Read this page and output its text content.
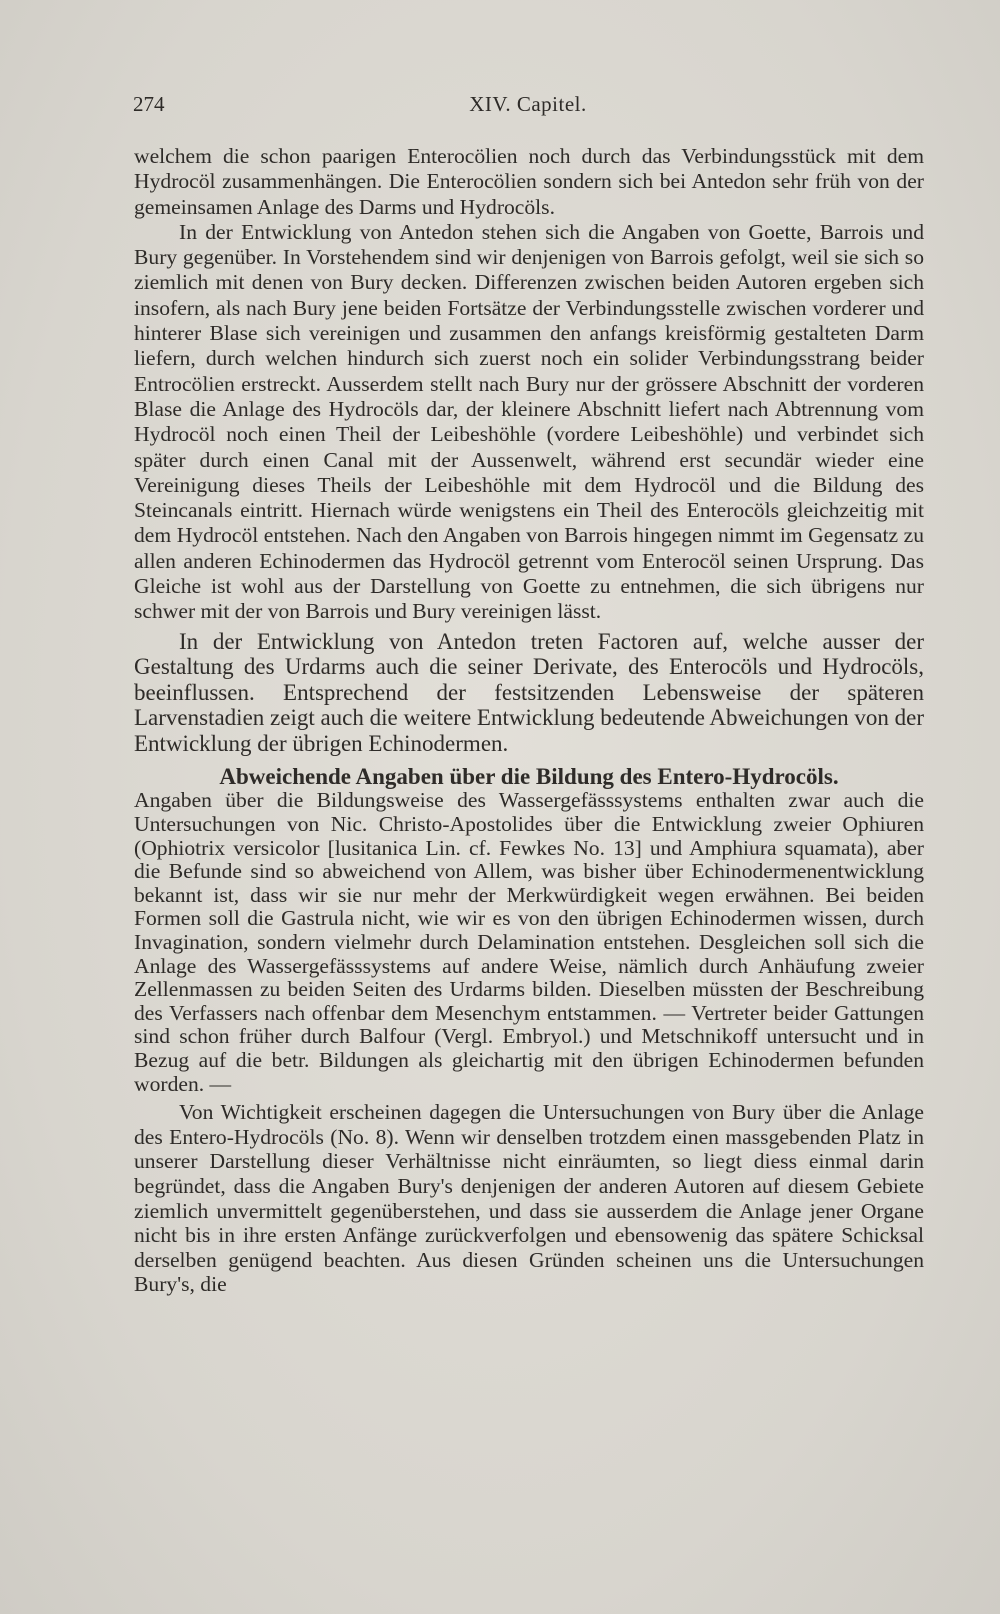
274	XIV. Capitel.

welchem die schon paarigen Enterocölien noch durch das Verbindungsstück mit dem Hydrocöl zusammenhängen. Die Enterocölien sondern sich bei Antedon sehr früh von der gemeinsamen Anlage des Darms und Hydrocöls.

In der Entwicklung von Antedon stehen sich die Angaben von Goette, Barrois und Bury gegenüber. In Vorstehendem sind wir denjenigen von Barrois gefolgt, weil sie sich so ziemlich mit denen von Bury decken. Differenzen zwischen beiden Autoren ergeben sich insofern, als nach Bury jene beiden Fortsätze der Verbindungsstelle zwischen vorderer und hinterer Blase sich vereinigen und zusammen den anfangs kreisförmig gestalteten Darm liefern, durch welchen hindurch sich zuerst noch ein solider Verbindungsstrang beider Entrocölien erstreckt. Ausserdem stellt nach Bury nur der grössere Abschnitt der vorderen Blase die Anlage des Hydrocöls dar, der kleinere Abschnitt liefert nach Abtrennung vom Hydrocöl noch einen Theil der Leibeshöhle (vordere Leibeshöhle) und verbindet sich später durch einen Canal mit der Aussenwelt, während erst secundär wieder eine Vereinigung dieses Theils der Leibeshöhle mit dem Hydrocöl und die Bildung des Steincanals eintritt. Hiernach würde wenigstens ein Theil des Enterocöls gleichzeitig mit dem Hydrocöl entstehen. Nach den Angaben von Barrois hingegen nimmt im Gegensatz zu allen anderen Echinodermen das Hydrocöl getrennt vom Enterocöl seinen Ursprung. Das Gleiche ist wohl aus der Darstellung von Goette zu entnehmen, die sich übrigens nur schwer mit der von Barrois und Bury vereinigen lässt.

In der Entwicklung von Antedon treten Factoren auf, welche ausser der Gestaltung des Urdarms auch die seiner Derivate, des Enterocöls und Hydrocöls, beeinflussen. Entsprechend der festsitzenden Lebensweise der späteren Larvenstadien zeigt auch die weitere Entwicklung bedeutende Abweichungen von der Entwicklung der übrigen Echinodermen.

Abweichende Angaben über die Bildung des Entero-Hydrocöls.

Angaben über die Bildungsweise des Wassergefässsystems enthalten zwar auch die Untersuchungen von Nic. Christo-Apostolides über die Entwicklung zweier Ophiuren (Ophiotrix versicolor [lusitanica Lin. cf. Fewkes No. 13] und Amphiura squamata), aber die Befunde sind so abweichend von Allem, was bisher über Echinodermenentwicklung bekannt ist, dass wir sie nur mehr der Merkwürdigkeit wegen erwähnen. Bei beiden Formen soll die Gastrula nicht, wie wir es von den übrigen Echinodermen wissen, durch Invagination, sondern vielmehr durch Delamination entstehen. Desgleichen soll sich die Anlage des Wassergefässsystems auf andere Weise, nämlich durch Anhäufung zweier Zellenmassen zu beiden Seiten des Urdarms bilden. Dieselben müssten der Beschreibung des Verfassers nach offenbar dem Mesenchym entstammen. — Vertreter beider Gattungen sind schon früher durch Balfour (Vergl. Embryol.) und Metschnikoff untersucht und in Bezug auf die betr. Bildungen als gleichartig mit den übrigen Echinodermen befunden worden. —

Von Wichtigkeit erscheinen dagegen die Untersuchungen von Bury über die Anlage des Entero-Hydrocöls (No. 8). Wenn wir denselben trotzdem einen massgebenden Platz in unserer Darstellung dieser Verhältnisse nicht einräumten, so liegt diess einmal darin begründet, dass die Angaben Bury's denjenigen der anderen Autoren auf diesem Gebiete ziemlich unvermittelt gegenüberstehen, und dass sie ausserdem die Anlage jener Organe nicht bis in ihre ersten Anfänge zurückverfolgen und ebensowenig das spätere Schicksal derselben genügend beachten. Aus diesen Gründen scheinen uns die Untersuchungen Bury's, die
